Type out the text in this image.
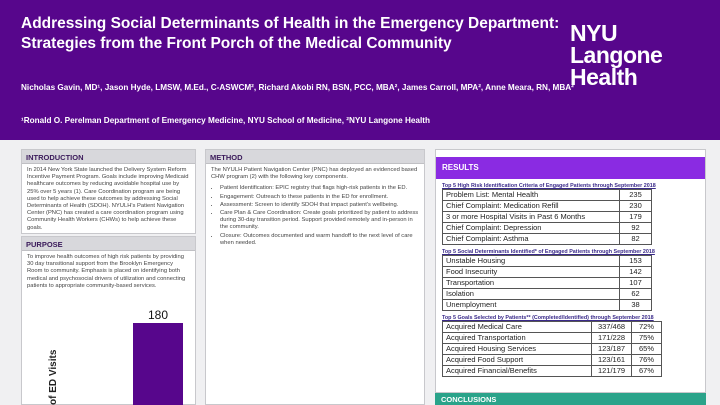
Addressing Social Determinants of Health in the Emergency Department: Strategies from the Front Porch of the Medical Community	NYU Langone
Health
Nicholas Gavin, MD¹, Jason Hyde, LMSW, M.Ed., C-ASWCM², Richard Akobi RN, BSN, PCC, MBA², James Carroll, MPA², Anne Meara, RN, MBA²
¹Ronald O. Perelman Department of Emergency Medicine, NYU School of Medicine, ²NYU Langone Health
INTRODUCTION
In 2014 New York State launched the Delivery System Reform Incentive Payment Program. Goals include improving Medicaid healthcare outcomes by reducing avoidable hospital use by 25% over 5 years (1). Care Coordination program are being used to help achieve these outcomes by addressing Social Determinants of Health (SDOH). NYULH's Patient Navigation Center (PNC) has created a care coordination program using Community Health Workers (CHWs) to help achieve these goals.
PURPOSE
To improve health outcomes of high risk patients by providing 30 day transitional support from the Brooklyn Emergency Room to community. Emphasis is placed on identifying both medical and psychosocial drivers of utilization and connecting patients to appropriate community-based services.
180
of ED Visits
METHOD
The NYULH Patient Navigation Center (PNC) has deployed an evidenced based CHW program (2) with the following key components.
• Patient Identification: EPIC registry that flags high-risk patients in the ED.
• Engagement: Outreach to these patients in the ED for enrollment.
• Assessment: Screen to identify SDOH that impact patient's wellbeing.
• Care Plan & Care Coordination: Create goals prioritized by patient to address during 30-day transition period. Support provided remotely and in-person in the community.
• Closure: Outcomes documented and warm handoff to the next level of care when needed.
RESULTS
Top 5 High Risk Identification Criteria of Engaged Patients through September 2018
Problem List: Mental Health	235
Chief Complaint: Medication Refill	230
3 or more Hospital Visits in Past 6 Months	179
Chief Complaint: Depression	92
Chief Complaint: Asthma	82
Top 5 Social Determinants Identified* of Engaged Patients through September 2018
Unstable Housing	153
Food Insecurity	142
Transportation	107
Isolation	62
Unemployment	38
Top 5 Goals Selected by Patients** (Completed/Identified) through September 2018
Acquired Medical Care	337/468	72%
Acquired Transportation	171/228	75%
Acquired Housing Services	123/187	65%
Acquired Food Support	123/161	76%
Acquired Financial/Benefits	121/179	67%
CONCLUSIONS
